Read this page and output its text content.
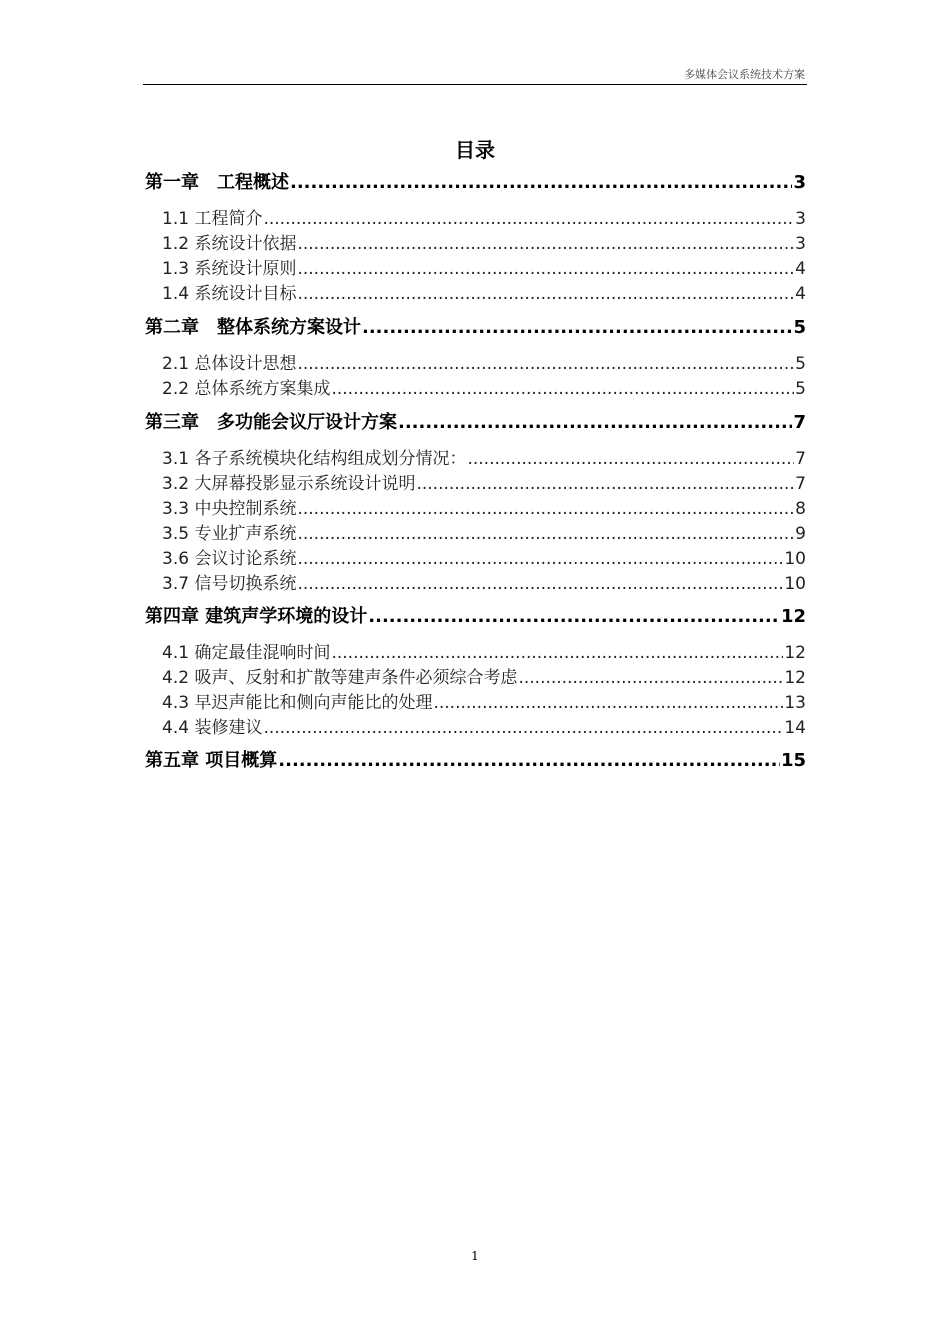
多媒体会议系统技术方案
目录
第一章　工程概述 .....	3
1.1 工程简介 .....	3
1.2 系统设计依据 .....	3
1.3 系统设计原则 .....	4
1.4 系统设计目标 .....	4
第二章　整体系统方案设计 .....	5
2.1 总体设计思想 .....	5
2.2 总体系统方案集成 .....	5
第三章　多功能会议厅设计方案 .....	7
3.1 各子系统模块化结构组成划分情况： .....	7
3.2 大屏幕投影显示系统设计说明 .....	7
3.3 中央控制系统 .....	8
3.5 专业扩声系统 .....	9
3.6 会议讨论系统 .....	10
3.7 信号切换系统 .....	10
第四章 建筑声学环境的设计 .....	12
4.1 确定最佳混响时间 .....	12
4.2 吸声、反射和扩散等建声条件必须综合考虑 .....	12
4.3 早迟声能比和侧向声能比的处理 .....	13
4.4 装修建议 .....	14
第五章 项目概算 .....	15
1
